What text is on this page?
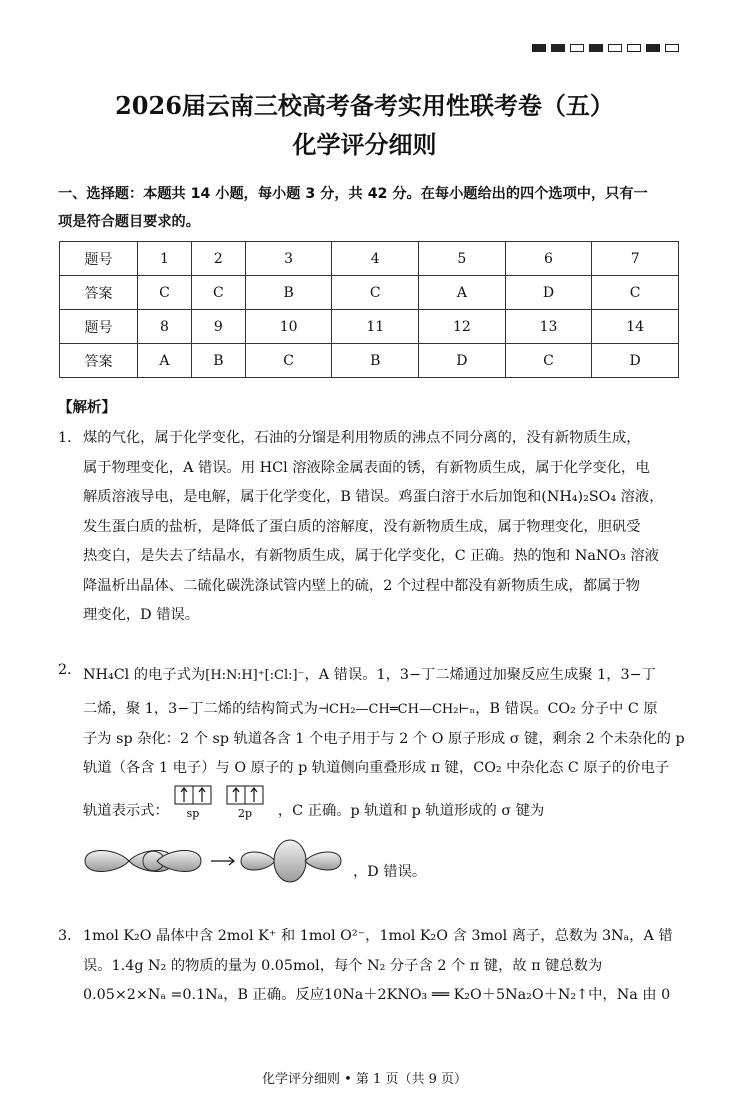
2026届云南三校高考备考实用性联考卷（五）
化学评分细则
一、选择题：本题共 14 小题，每小题 3 分，共 42 分。在每小题给出的四个选项中，只有一
项是符合题目要求的。
题号	1	2	3	4	5	6	7
答案	C	C	B	C	A	D	C
题号	8	9	10	11	12	13	14
答案	A	B	C	B	D	C	D
【解析】
1． 煤的气化，属于化学变化，石油的分馏是利用物质的沸点不同分离的，没有新物质生成，
属于物理变化，A 错误。用 HCl 溶液除金属表面的锈，有新物质生成，属于化学变化，电
解质溶液导电，是电解，属于化学变化，B 错误。鸡蛋白溶于水后加饱和(NH₄)₂SO₄ 溶液，
发生蛋白质的盐析，是降低了蛋白质的溶解度，没有新物质生成，属于物理变化，胆矾受
热变白，是失去了结晶水，有新物质生成，属于化学变化，C 正确。热的饱和 NaNO₃ 溶液
降温析出晶体、二硫化碳洗涤试管内壁上的硫，2 个过程中都没有新物质生成，都属于物
理变化，D 错误。
2． NH₄Cl 的电子式为[H:N:H]⁺[:Cl:]⁻，A 错误。1，3−丁二烯通过加聚反应生成聚 1，3−丁
二烯，聚 1，3−丁二烯的结构简式为⊣CH₂—CH═CH—CH₂⊢ₙ，B 错误。CO₂ 分子中 C 原
子为 sp 杂化：2 个 sp 轨道各含 1 个电子用于与 2 个 O 原子形成 σ 键，剩余 2 个未杂化的 p
轨道（各含 1 电子）与 O 原子的 p 轨道侧向重叠形成 π 键，CO₂ 中杂化态 C 原子的价电子
轨道表示式： sp	2p ，C 正确。p 轨道和 p 轨道形成的 σ 键为
，D 错误。
3． 1mol K₂O 晶体中含 2mol K⁺ 和 1mol O²⁻，1mol K₂O 含 3mol 离子，总数为 3Nₐ，A 错
误。1.4g N₂ 的物质的量为 0.05mol，每个 N₂ 分子含 2 个 π 键，故 π 键总数为
0.05×2×Nₐ =0.1Nₐ，B 正确。反应10Na＋2KNO₃ ══ K₂O＋5Na₂O＋N₂↑中，Na 由 0
化学评分细则 • 第 1 页（共 9 页）
